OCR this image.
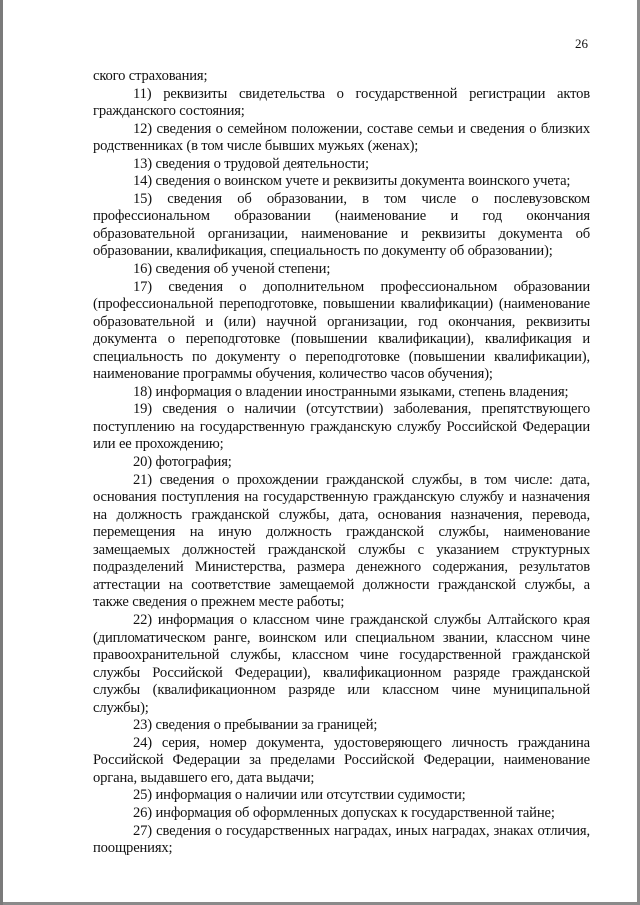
26

ского страхования;

11) реквизиты свидетельства о государственной регистрации актов гражданского состояния;

12) сведения о семейном положении, составе семьи и сведения о близких родственниках (в том числе бывших мужьях (женах);

13) сведения о трудовой деятельности;

14) сведения о воинском учете и реквизиты документа воинского учета;

15) сведения об образовании, в том числе о послевузовском профессиональном образовании (наименование и год окончания образовательной организации, наименование и реквизиты документа об образовании, квалификация, специальность по документу об образовании);

16) сведения об ученой степени;

17) сведения о дополнительном профессиональном образовании (профессиональной переподготовке, повышении квалификации) (наименование образовательной и (или) научной организации, год окончания, реквизиты документа о переподготовке (повышении квалификации), квалификация и специальность по документу о переподготовке (повышении квалификации), наименование программы обучения, количество часов обучения);

18) информация о владении иностранными языками, степень владения;

19) сведения о наличии (отсутствии) заболевания, препятствующего поступлению на государственную гражданскую службу Российской Федерации или ее прохождению;

20) фотография;

21) сведения о прохождении гражданской службы, в том числе: дата, основания поступления на государственную гражданскую службу и назначения на должность гражданской службы, дата, основания назначения, перевода, перемещения на иную должность гражданской службы, наименование замещаемых должностей гражданской службы с указанием структурных подразделений Министерства, размера денежного содержания, результатов аттестации на соответствие замещаемой должности гражданской службы, а также сведения о прежнем месте работы;

22) информация о классном чине гражданской службы Алтайского края (дипломатическом ранге, воинском или специальном звании, классном чине правоохранительной службы, классном чине государственной гражданской службы Российской Федерации), квалификационном разряде гражданской службы (квалификационном разряде или классном чине муниципальной службы);

23) сведения о пребывании за границей;

24) серия, номер документа, удостоверяющего личность гражданина Российской Федерации за пределами Российской Федерации, наименование органа, выдавшего его, дата выдачи;

25) информация о наличии или отсутствии судимости;

26) информация об оформленных допусках к государственной тайне;

27) сведения о государственных наградах, иных наградах, знаках отличия, поощрениях;
